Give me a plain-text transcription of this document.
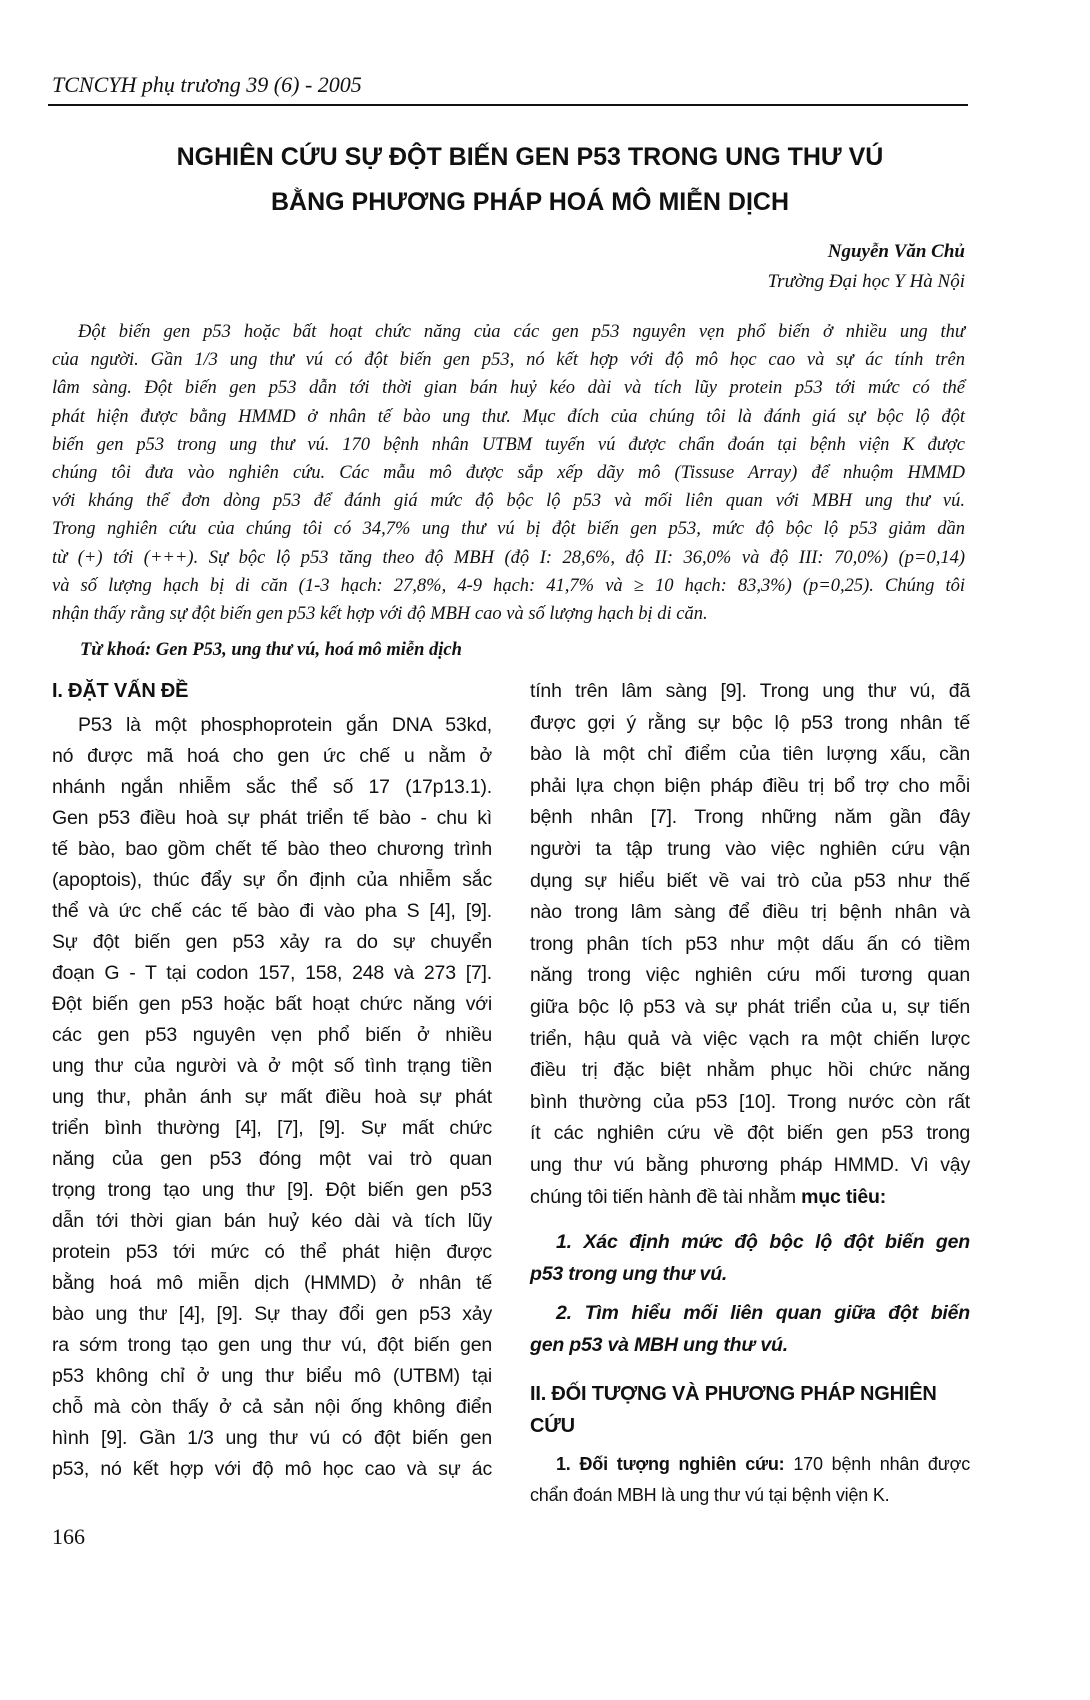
TCNCYH phụ trương 39 (6) - 2005
NGHIÊN CỨU SỰ ĐỘT BIẾN GEN P53 TRONG UNG THƯ VÚ
BẰNG PHƯƠNG PHÁP HOÁ MÔ MIỄN DỊCH
Nguyễn Văn Chủ
Trường Đại học Y Hà Nội
Đột biến gen p53 hoặc bất hoạt chức năng của các gen p53 nguyên vẹn phổ biến ở nhiều ung thư
của người. Gần 1/3 ung thư vú có đột biến gen p53, nó kết hợp với độ mô học cao và sự ác tính trên
lâm sàng. Đột biến gen p53 dẫn tới thời gian bán huỷ kéo dài và tích lũy protein p53 tới mức có thể
phát hiện được bằng HMMD ở nhân tế bào ung thư. Mục đích của chúng tôi là đánh giá sự bộc lộ đột
biến gen p53 trong ung thư vú. 170 bệnh nhân UTBM tuyến vú được chẩn đoán tại bệnh viện K được
chúng tôi đưa vào nghiên cứu. Các mẫu mô được sắp xếp dãy mô (Tissuse Array) để nhuộm HMMD
với kháng thể đơn dòng p53 để đánh giá mức độ bộc lộ p53 và mối liên quan với MBH ung thư vú.
Trong nghiên cứu của chúng tôi có 34,7% ung thư vú bị đột biến gen p53, mức độ bộc lộ p53 giảm dần
từ (+) tới (+++). Sự bộc lộ p53 tăng theo độ MBH (độ I: 28,6%, độ II: 36,0% và độ III: 70,0%) (p=0,14)
và số lượng hạch bị di căn (1-3 hạch: 27,8%, 4-9 hạch: 41,7% và ≥ 10 hạch: 83,3%) (p=0,25). Chúng tôi
nhận thấy rằng sự đột biến gen p53 kết hợp với độ MBH cao và số lượng hạch bị di căn.
Từ khoá: Gen P53, ung thư vú, hoá mô miễn dịch
I. ĐẶT VẤN ĐỀ
P53 là một phosphoprotein gắn DNA 53kd,
nó được mã hoá cho gen ức chế u nằm ở
nhánh ngắn nhiễm sắc thể số 17 (17p13.1).
Gen p53 điều hoà sự phát triển tế bào - chu kì
tế bào, bao gồm chết tế bào theo chương trình
(apoptois), thúc đẩy sự ổn định của nhiễm sắc
thể và ức chế các tế bào đi vào pha S [4], [9].
Sự đột biến gen p53 xảy ra do sự chuyển
đoạn G - T tại codon 157, 158, 248 và 273 [7].
Đột biến gen p53 hoặc bất hoạt chức năng với
các gen p53 nguyên vẹn phổ biến ở nhiều
ung thư của người và ở một số tình trạng tiền
ung thư, phản ánh sự mất điều hoà sự phát
triển bình thường [4], [7], [9]. Sự mất chức
năng của gen p53 đóng một vai trò quan
trọng trong tạo ung thư [9]. Đột biến gen p53
dẫn tới thời gian bán huỷ kéo dài và tích lũy
protein p53 tới mức có thể phát hiện được
bằng hoá mô miễn dịch (HMMD) ở nhân tế
bào ung thư [4], [9]. Sự thay đổi gen p53 xảy
ra sớm trong tạo gen ung thư vú, đột biến gen
p53 không chỉ ở ung thư biểu mô (UTBM) tại
chỗ mà còn thấy ở cả sản nội ống không điển
hình [9]. Gần 1/3 ung thư vú có đột biến gen
p53, nó kết hợp với độ mô học cao và sự ác
tính trên lâm sàng [9]. Trong ung thư vú, đã
được gợi ý rằng sự bộc lộ p53 trong nhân tế
bào là một chỉ điểm của tiên lượng xấu, cần
phải lựa chọn biện pháp điều trị bổ trợ cho mỗi
bệnh nhân [7]. Trong những năm gần đây
người ta tập trung vào việc nghiên cứu vận
dụng sự hiểu biết về vai trò của p53 như thế
nào trong lâm sàng để điều trị bệnh nhân và
trong phân tích p53 như một dấu ấn có tiềm
năng trong việc nghiên cứu mối tương quan
giữa bộc lộ p53 và sự phát triển của u, sự tiến
triển, hậu quả và việc vạch ra một chiến lược
điều trị đặc biệt nhằm phục hồi chức năng
bình thường của p53 [10]. Trong nước còn rất
ít các nghiên cứu về đột biến gen p53 trong
ung thư vú bằng phương pháp HMMD. Vì vậy
chúng tôi tiến hành đề tài nhằm mục tiêu:
1. Xác định mức độ bộc lộ đột biến gen
p53 trong ung thư vú.
2. Tìm hiểu mối liên quan giữa đột biến
gen p53 và MBH ung thư vú.
II. ĐỐI TƯỢNG VÀ PHƯƠNG PHÁP NGHIÊN
CỨU
1. Đối tượng nghiên cứu: 170 bệnh nhân được
chẩn đoán MBH là ung thư vú tại bệnh viện K.
166
